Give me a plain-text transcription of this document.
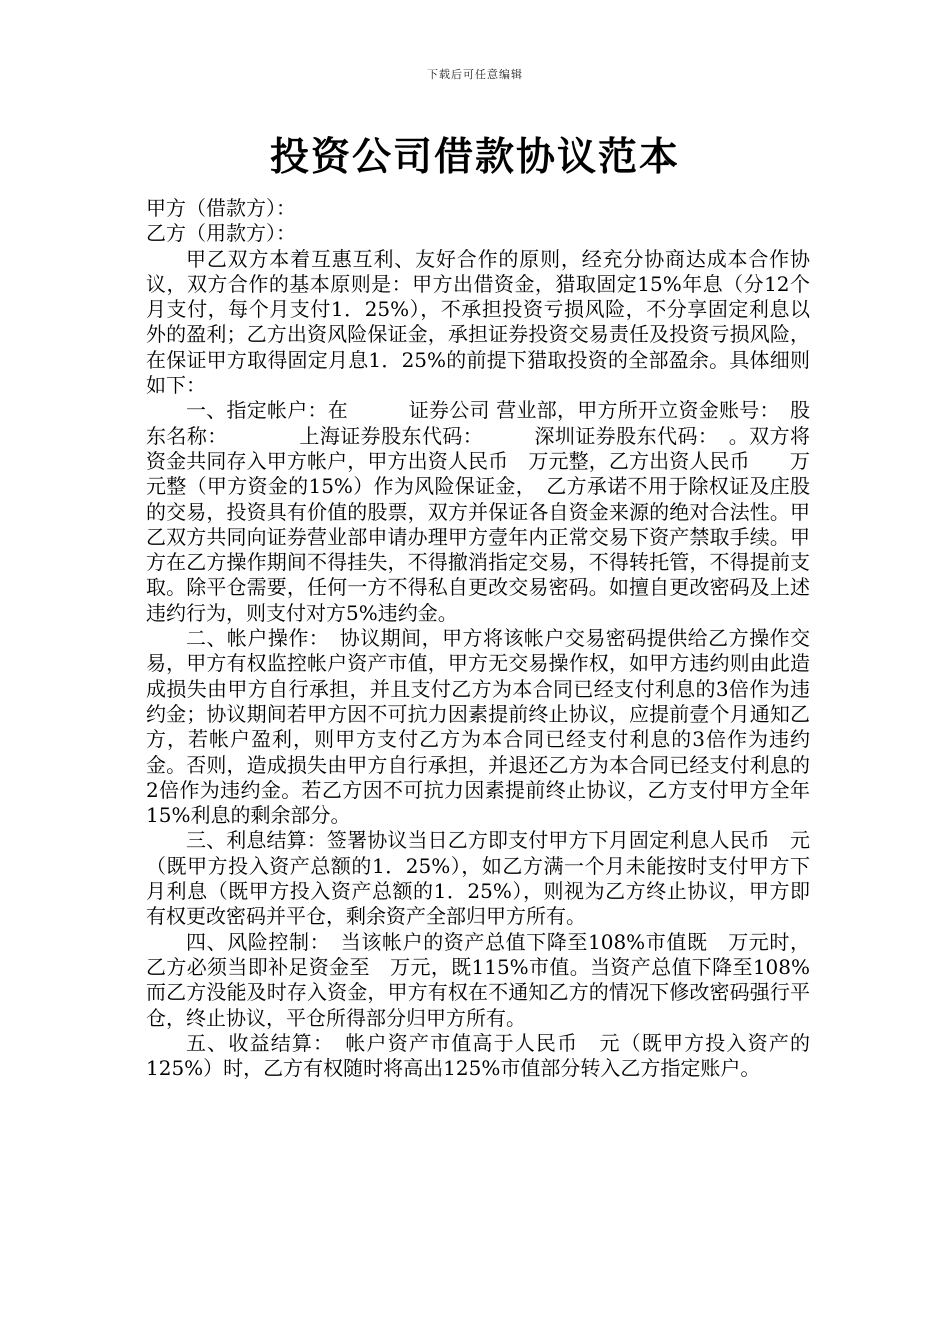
下载后可任意编辑
投资公司借款协议范本

甲方（借款方）：

乙方（用款方）：

甲乙双方本着互惠互利、友好合作的原则，经充分协商达成本合作协议，双方合作的基本原则是：甲方出借资金，猎取固定15%年息（分12个月支付，每个月支付1．25%），不承担投资亏损风险，不分享固定利息以外的盈利；乙方出资风险保证金，承担证券投资交易责任及投资亏损风险，在保证甲方取得固定月息1．25%的前提下猎取投资的全部盈余。具体细则如下：

一、指定帐户：在　　　证券公司 营业部，甲方所开立资金账号：　股东名称：　　　　上海证券股东代码：　　　深圳证券股东代码：　。双方将资金共同存入甲方帐户，甲方出资人民币　万元整，乙方出资人民币　　万元整（甲方资金的15%）作为风险保证金，　乙方承诺不用于除权证及庄股的交易，投资具有价值的股票，双方并保证各自资金来源的绝对合法性。甲乙双方共同向证券营业部申请办理甲方壹年内正常交易下资产禁取手续。甲方在乙方操作期间不得挂失，不得撤消指定交易，不得转托管，不得提前支取。除平仓需要，任何一方不得私自更改交易密码。如擅自更改密码及上述违约行为，则支付对方5%违约金。

二、帐户操作：　协议期间，甲方将该帐户交易密码提供给乙方操作交易，甲方有权监控帐户资产市值，甲方无交易操作权，如甲方违约则由此造成损失由甲方自行承担，并且支付乙方为本合同已经支付利息的3倍作为违约金；协议期间若甲方因不可抗力因素提前终止协议，应提前壹个月通知乙方，若帐户盈利，则甲方支付乙方为本合同已经支付利息的3倍作为违约金。否则，造成损失由甲方自行承担，并退还乙方为本合同已经支付利息的2倍作为违约金。若乙方因不可抗力因素提前终止协议，乙方支付甲方全年15%利息的剩余部分。

三、利息结算：签署协议当日乙方即支付甲方下月固定利息人民币　元（既甲方投入资产总额的1．25%），如乙方满一个月未能按时支付甲方下月利息（既甲方投入资产总额的1．25%），则视为乙方终止协议，甲方即有权更改密码并平仓，剩余资产全部归甲方所有。

四、风险控制：　当该帐户的资产总值下降至108%市值既　万元时，乙方必须当即补足资金至　万元，既115%市值。当资产总值下降至108%而乙方没能及时存入资金，甲方有权在不通知乙方的情况下修改密码强行平仓，终止协议，平仓所得部分归甲方所有。

五、收益结算：　帐户资产市值高于人民币　元（既甲方投入资产的125%）时，乙方有权随时将高出125%市值部分转入乙方指定账户。
